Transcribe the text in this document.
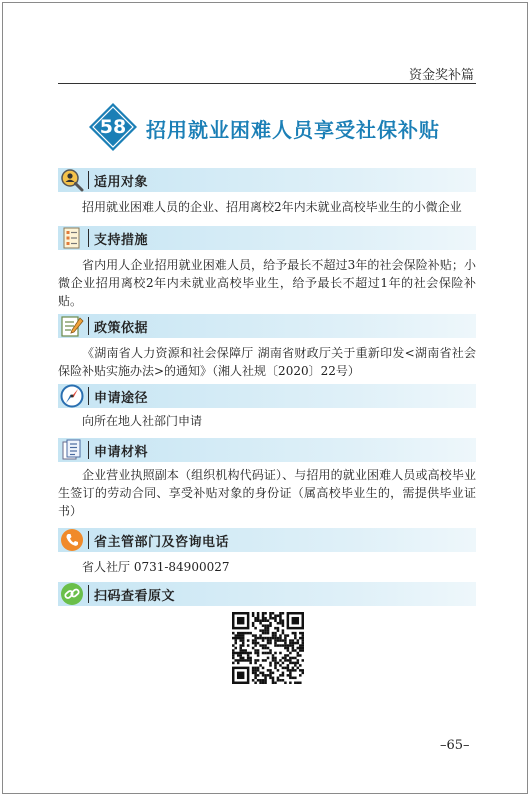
资金奖补篇
58 招用就业困难人员享受社保补贴
适用对象
招用就业困难人员的企业、招用离校2年内未就业高校毕业生的小微企业
支持措施
省内用人企业招用就业困难人员，给予最长不超过3年的社会保险补贴；小微企业招用离校2年内未就业高校毕业生，给予最长不超过1年的社会保险补贴。
政策依据
《湖南省人力资源和社会保障厅 湖南省财政厅关于重新印发<湖南省社会保险补贴实施办法>的通知》（湘人社规〔2020〕22号）
申请途径
向所在地人社部门申请
申请材料
企业营业执照副本（组织机构代码证）、与招用的就业困难人员或高校毕业生签订的劳动合同、享受补贴对象的身份证（属高校毕业生的，需提供毕业证书）
省主管部门及咨询电话
省人社厅 0731-84900027
扫码查看原文
–65–
